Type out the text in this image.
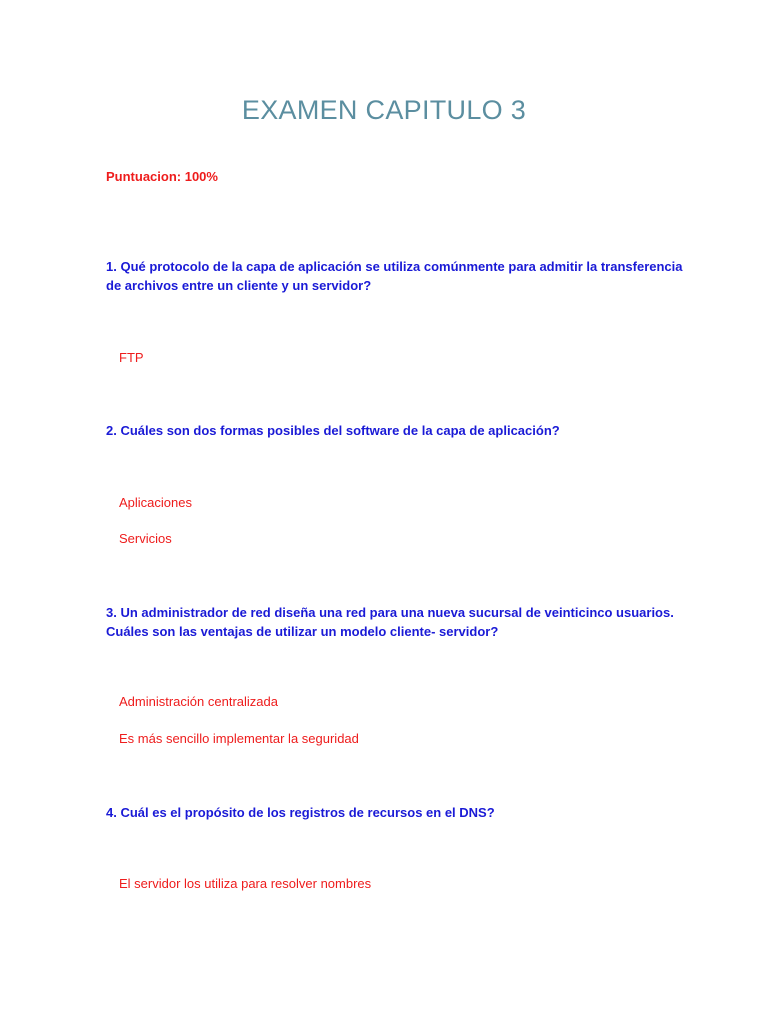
EXAMEN CAPITULO 3
Puntuacion: 100%
1. Qué protocolo de la capa de aplicación se utiliza comúnmente para admitir la transferencia de archivos entre un cliente y un servidor?
FTP
2. Cuáles son dos formas posibles del software de la capa de aplicación?
Aplicaciones
Servicios
3. Un administrador de red diseña una red para una nueva sucursal de veinticinco usuarios. Cuáles son las ventajas de utilizar un modelo cliente- servidor?
Administración centralizada
Es más sencillo implementar la seguridad
4. Cuál es el propósito de los registros de recursos en el DNS?
El servidor los utiliza para resolver nombres
